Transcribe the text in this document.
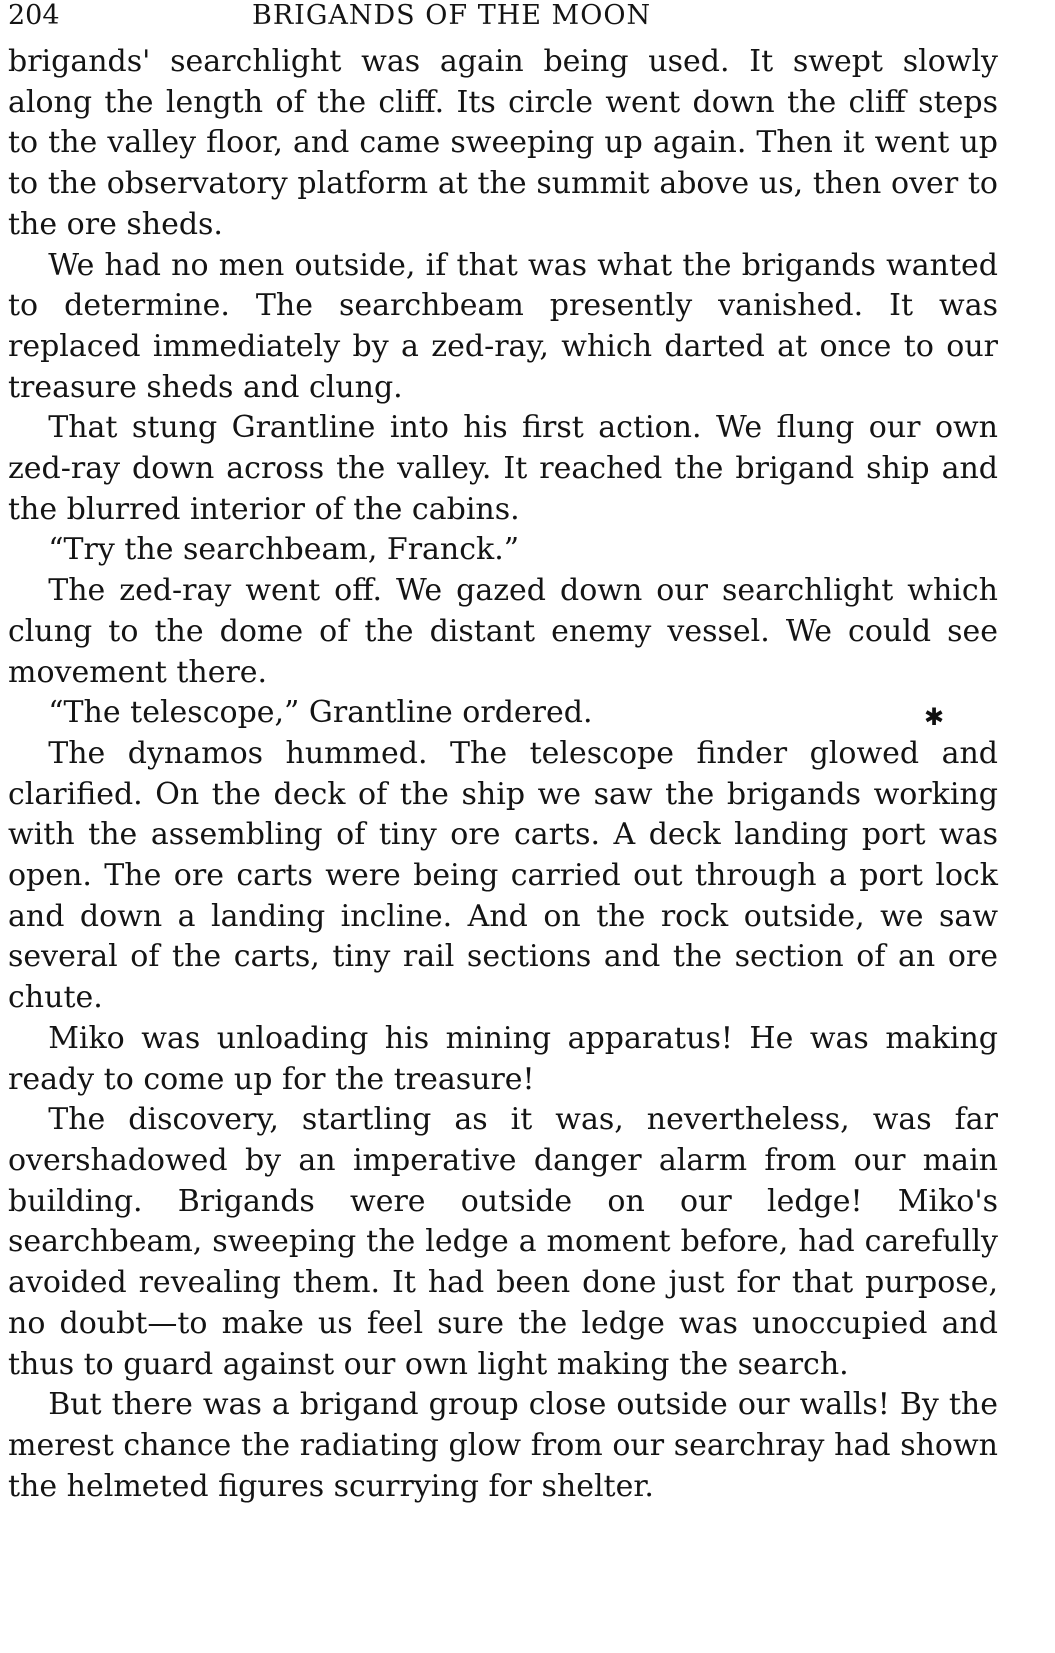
204	BRIGANDS OF THE MOON

brigands' searchlight was again being used. It swept slowly along the length of the cliff. Its circle went down the cliff steps to the valley floor, and came sweeping up again. Then it went up to the observatory platform at the summit above us, then over to the ore sheds.

We had no men outside, if that was what the brigands wanted to determine. The searchbeam presently vanished. It was replaced immediately by a zed-ray, which darted at once to our treasure sheds and clung.

That stung Grantline into his first action. We flung our own zed-ray down across the valley. It reached the brigand ship and the blurred interior of the cabins.

“Try the searchbeam, Franck.”

The zed-ray went off. We gazed down our searchlight which clung to the dome of the distant enemy vessel. We could see movement there.

“The telescope,” Grantline ordered.

The dynamos hummed. The telescope finder glowed and clarified. On the deck of the ship we saw the brigands working with the assembling of tiny ore carts. A deck landing port was open. The ore carts were being carried out through a port lock and down a landing incline. And on the rock outside, we saw several of the carts, tiny rail sections and the section of an ore chute.

Miko was unloading his mining apparatus! He was making ready to come up for the treasure!

The discovery, startling as it was, nevertheless, was far overshadowed by an imperative danger alarm from our main building. Brigands were outside on our ledge! Miko's searchbeam, sweeping the ledge a moment before, had carefully avoided revealing them. It had been done just for that purpose, no doubt—to make us feel sure the ledge was unoccupied and thus to guard against our own light making the search.

But there was a brigand group close outside our walls! By the merest chance the radiating glow from our searchray had shown the helmeted figures scurrying for shelter.

✱
